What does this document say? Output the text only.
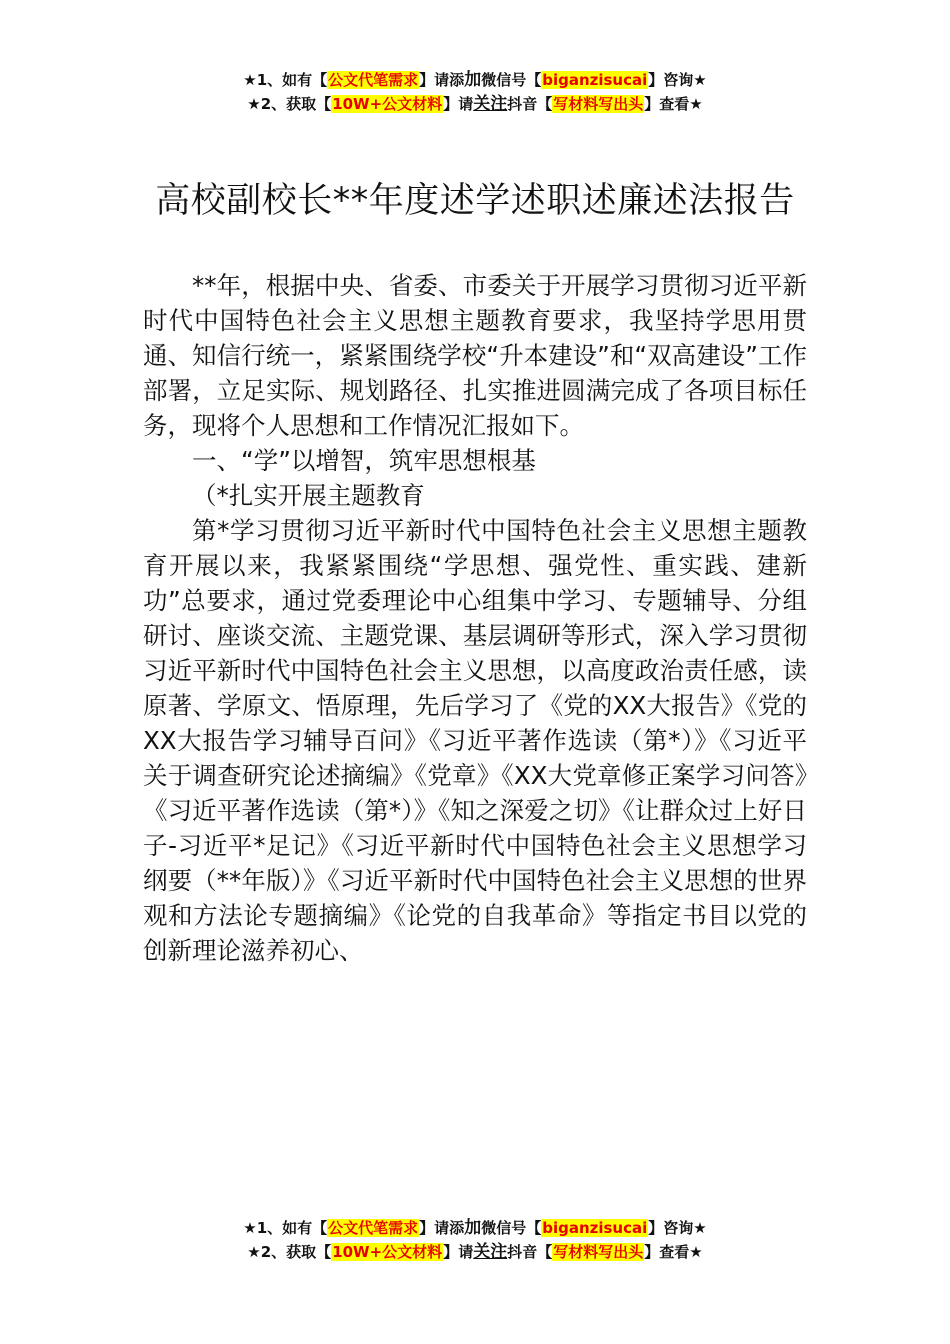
★1、如有【公文代笔需求】请添加微信号【biganzisucai】咨询★
★2、获取【10W+公文材料】请关注抖音【写材料写出头】查看★
高校副校长**年度述学述职述廉述法报告

**年，根据中央、省委、市委关于开展学习贯彻习近平新时代中国特色社会主义思想主题教育要求，我坚持学思用贯通、知信行统一，紧紧围绕学校“升本建设”和“双高建设”工作部署，立足实际、规划路径、扎实推进圆满完成了各项目标任务，现将个人思想和工作情况汇报如下。

一、“学”以增智，筑牢思想根基

（*扎实开展主题教育

第*学习贯彻习近平新时代中国特色社会主义思想主题教育开展以来，我紧紧围绕“学思想、强党性、重实践、建新功”总要求，通过党委理论中心组集中学习、专题辅导、分组研讨、座谈交流、主题党课、基层调研等形式，深入学习贯彻习近平新时代中国特色社会主义思想，以高度政治责任感，读原著、学原文、悟原理，先后学习了《党的XX大报告》《党的XX大报告学习辅导百问》《习近平著作选读（第*）》《习近平关于调查研究论述摘编》《党章》《XX大党章修正案学习问答》《习近平著作选读（第*）》《知之深爱之切》《让群众过上好日子-习近平*足记》《习近平新时代中国特色社会主义思想学习纲要（**年版）》《习近平新时代中国特色社会主义思想的世界观和方法论专题摘编》《论党的自我革命》等指定书目以党的创新理论滋养初心、

★1、如有【公文代笔需求】请添加微信号【biganzisucai】咨询★
★2、获取【10W+公文材料】请关注抖音【写材料写出头】查看★
